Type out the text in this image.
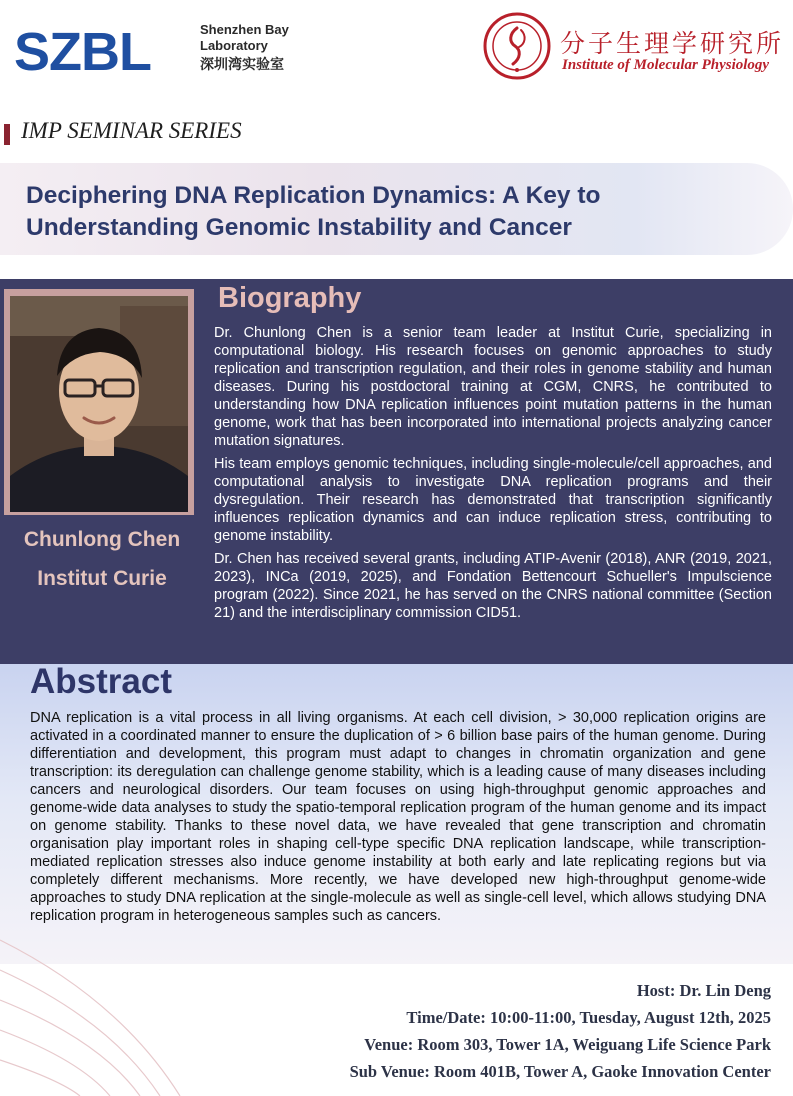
SZBL	Shenzhen Bay
Laboratory
深圳湾实验室
分子生理学研究所
Institute of Molecular Physiology
IMP SEMINAR SERIES
Deciphering DNA Replication Dynamics: A Key to
Understanding Genomic Instability and Cancer
Chunlong Chen
Institut Curie
Biography

Dr. Chunlong Chen is a senior team leader at Institut Curie, specializing in computational biology. His research focuses on genomic approaches to study replication and transcription regulation, and their roles in genome stability and human diseases. During his postdoctoral training at CGM, CNRS, he contributed to understanding how DNA replication influences point mutation patterns in the human genome, work that has been incorporated into international projects analyzing cancer mutation signatures.

His team employs genomic techniques, including single-molecule/cell approaches, and computational analysis to investigate DNA replication programs and their dysregulation. Their research has demonstrated that transcription significantly influences replication dynamics and can induce replication stress, contributing to genome instability.

Dr. Chen has received several grants, including ATIP-Avenir (2018), ANR (2019, 2021, 2023), INCa (2019, 2025), and Fondation Bettencourt Schueller's Impulscience program (2022). Since 2021, he has served on the CNRS national committee (Section 21) and the interdisciplinary commission CID51.

Abstract
DNA replication is a vital process in all living organisms. At each cell division, > 30,000 replication origins are activated in a coordinated manner to ensure the duplication of > 6 billion base pairs of the human genome. During differentiation and development, this program must adapt to changes in chromatin organization and gene transcription: its deregulation can challenge genome stability, which is a leading cause of many diseases including cancers and neurological disorders. Our team focuses on using high-throughput genomic approaches and genome-wide data analyses to study the spatio-temporal replication program of the human genome and its impact on genome stability. Thanks to these novel data, we have revealed that gene transcription and chromatin organisation play important roles in shaping cell-type specific DNA replication landscape, while transcription-mediated replication stresses also induce genome instability at both early and late replicating regions but via completely different mechanisms. More recently, we have developed new high-throughput genome-wide approaches to study DNA replication at the single-molecule as well as single-cell level, which allows studying DNA replication program in heterogeneous samples such as cancers.
Host: Dr. Lin Deng
Time/Date: 10:00-11:00, Tuesday, August 12th, 2025
Venue: Room 303, Tower 1A, Weiguang Life Science Park
Sub Venue: Room 401B, Tower A, Gaoke Innovation Center
